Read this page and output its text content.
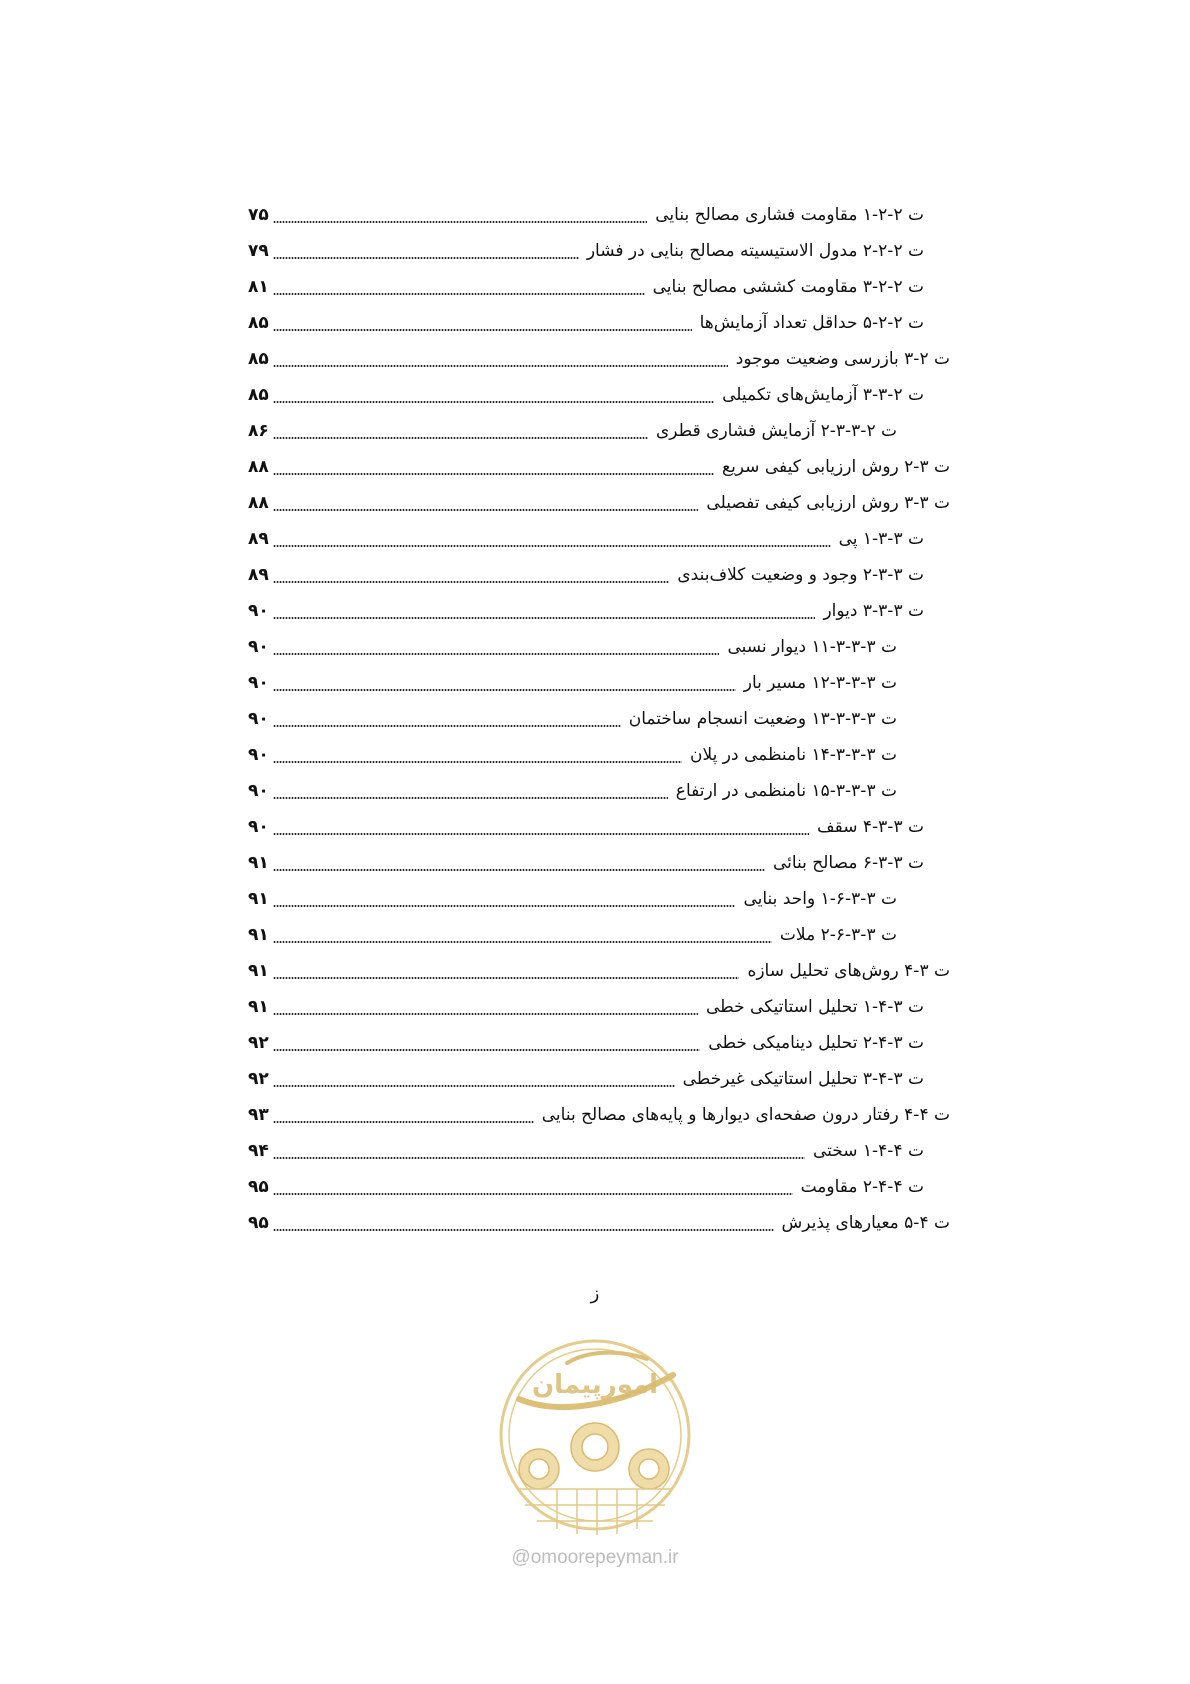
ت ۲-۲-۱ مقاومت فشاری مصالح بنایی
۷۵
ت ۲-۲-۲ مدول الاستیسیته مصالح بنایی در فشار
۷۹
ت ۲-۲-۳ مقاومت کششی مصالح بنایی
۸۱
ت ۲-۲-۵ حداقل تعداد آزمایش‌ها
۸۵
ت ۲-۳ بازرسی وضعیت موجود
۸۵
ت ۲-۳-۳ آزمایش‌های تکمیلی
۸۵
ت ۲-۳-۳-۲ آزمایش فشاری قطری
۸۶
ت ۳-۲ روش ارزیابی کیفی سریع
۸۸
ت ۳-۳ روش ارزیابی کیفی تفصیلی
۸۸
ت ۳-۳-۱ پی
۸۹
ت ۳-۳-۲ وجود و وضعیت کلاف‌بندی
۸۹
ت ۳-۳-۳ دیوار
۹۰
ت ۳-۳-۳-۱۱ دیوار نسبی
۹۰
ت ۳-۳-۳-۱۲ مسیر بار
۹۰
ت ۳-۳-۳-۱۳ وضعیت انسجام ساختمان
۹۰
ت ۳-۳-۳-۱۴ نامنظمی در پلان
۹۰
ت ۳-۳-۳-۱۵ نامنظمی در ارتفاع
۹۰
ت ۳-۳-۴ سقف
۹۰
ت ۳-۳-۶ مصالح بنائی
۹۱
ت ۳-۳-۶-۱ واحد بنایی
۹۱
ت ۳-۳-۶-۲ ملات
۹۱
ت ۳-۴ روش‌های تحلیل سازه
۹۱
ت ۳-۴-۱ تحلیل استاتیکی خطی
۹۱
ت ۳-۴-۲ تحلیل دینامیکی خطی
۹۲
ت ۳-۴-۳ تحلیل استاتیکی غیرخطی
۹۲
ت ۴-۴ رفتار درون صفحه‌ای دیوارها و پایه‌های مصالح بنایی
۹۳
ت ۴-۴-۱ سختی
۹۴
ت ۴-۴-۲ مقاومت
۹۵
ت ۴-۵ معیارهای پذیرش
۹۵
ز
امورپیمان
@omoorepeyman.ir
